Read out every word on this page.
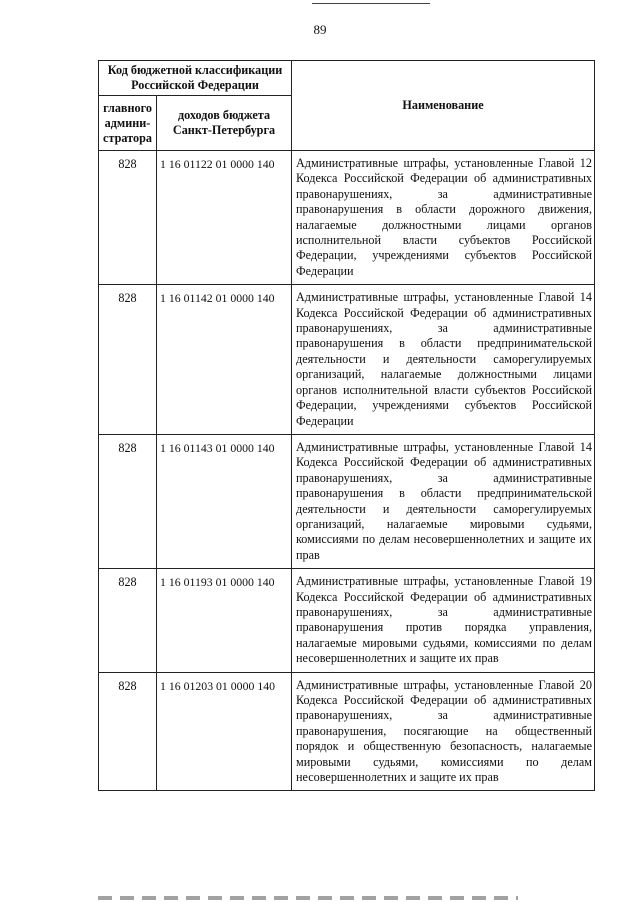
89
Код бюджетной классификации Российской Федерации		Наименование
главного админи-стратора	доходов бюджета Санкт-Петербурга	
828	1 16 01122 01 0000 140	Административные штрафы, установленные Главой 12 Кодекса Российской Федерации об административных правонарушениях, за административные правонарушения в области дорожного движения, налагаемые должностными лицами органов исполнительной власти субъектов Российской Федерации, учреждениями субъектов Российской Федерации
828	1 16 01142 01 0000 140	Административные штрафы, установленные Главой 14 Кодекса Российской Федерации об административных правонарушениях, за административные правонарушения в области предпринимательской деятельности и деятельности саморегулируемых организаций, налагаемые должностными лицами органов исполнительной власти субъектов Российской Федерации, учреждениями субъектов Российской Федерации
828	1 16 01143 01 0000 140	Административные штрафы, установленные Главой 14 Кодекса Российской Федерации об административных правонарушениях, за административные правонарушения в области предпринимательской деятельности и деятельности саморегулируемых организаций, налагаемые мировыми судьями, комиссиями по делам несовершеннолетних и защите их прав
828	1 16 01193 01 0000 140	Административные штрафы, установленные Главой 19 Кодекса Российской Федерации об административных правонарушениях, за административные правонарушения против порядка управления, налагаемые мировыми судьями, комиссиями по делам несовершеннолетних и защите их прав
828	1 16 01203 01 0000 140	Административные штрафы, установленные Главой 20 Кодекса Российской Федерации об административных правонарушениях, за административные правонарушения, посягающие на общественный порядок и общественную безопасность, налагаемые мировыми судьями, комиссиями по делам несовершеннолетних и защите их прав
